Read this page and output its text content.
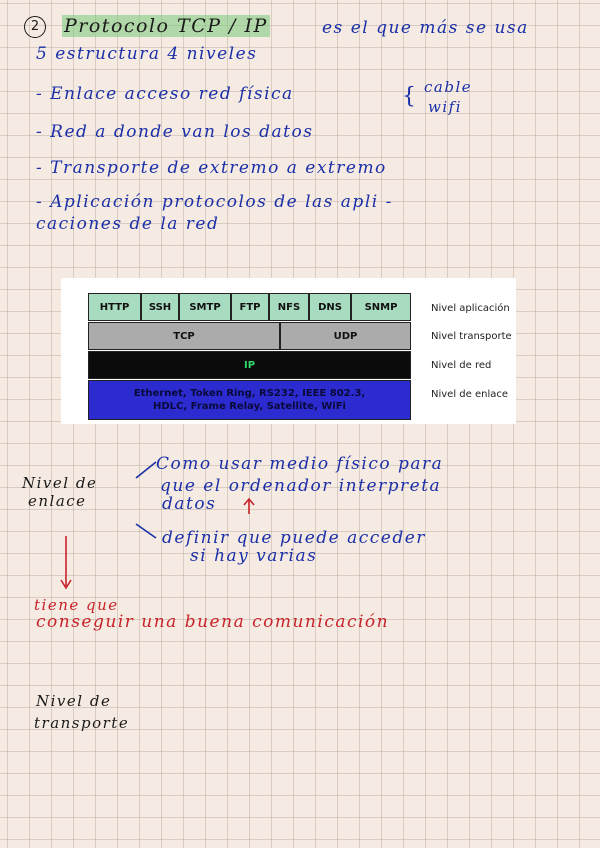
2	Protocolo TCP / IP	es el que más se usa
5 estructura 4 niveles
- Enlace acceso red física	{ cable
wifi
- Red a donde van los datos
- Transporte de extremo a extremo
- Aplicación protocolos de las apli -
caciones de la red
HTTP	SSH	SMTP	FTP	NFS	DNS	SNMP
TCP	UDP
IP
Ethernet, Token Ring, RS232, IEEE 802.3,
HDLC, Frame Relay, Satellite, WiFi
Nivel aplicación
Nivel transporte
Nivel de red
Nivel de enlace
Nivel de
enlace
Como usar medio físico para
que el ordenador interpreta
datos
definir que puede acceder
si hay varias
tiene que
conseguir una buena comunicación
Nivel de
transporte
